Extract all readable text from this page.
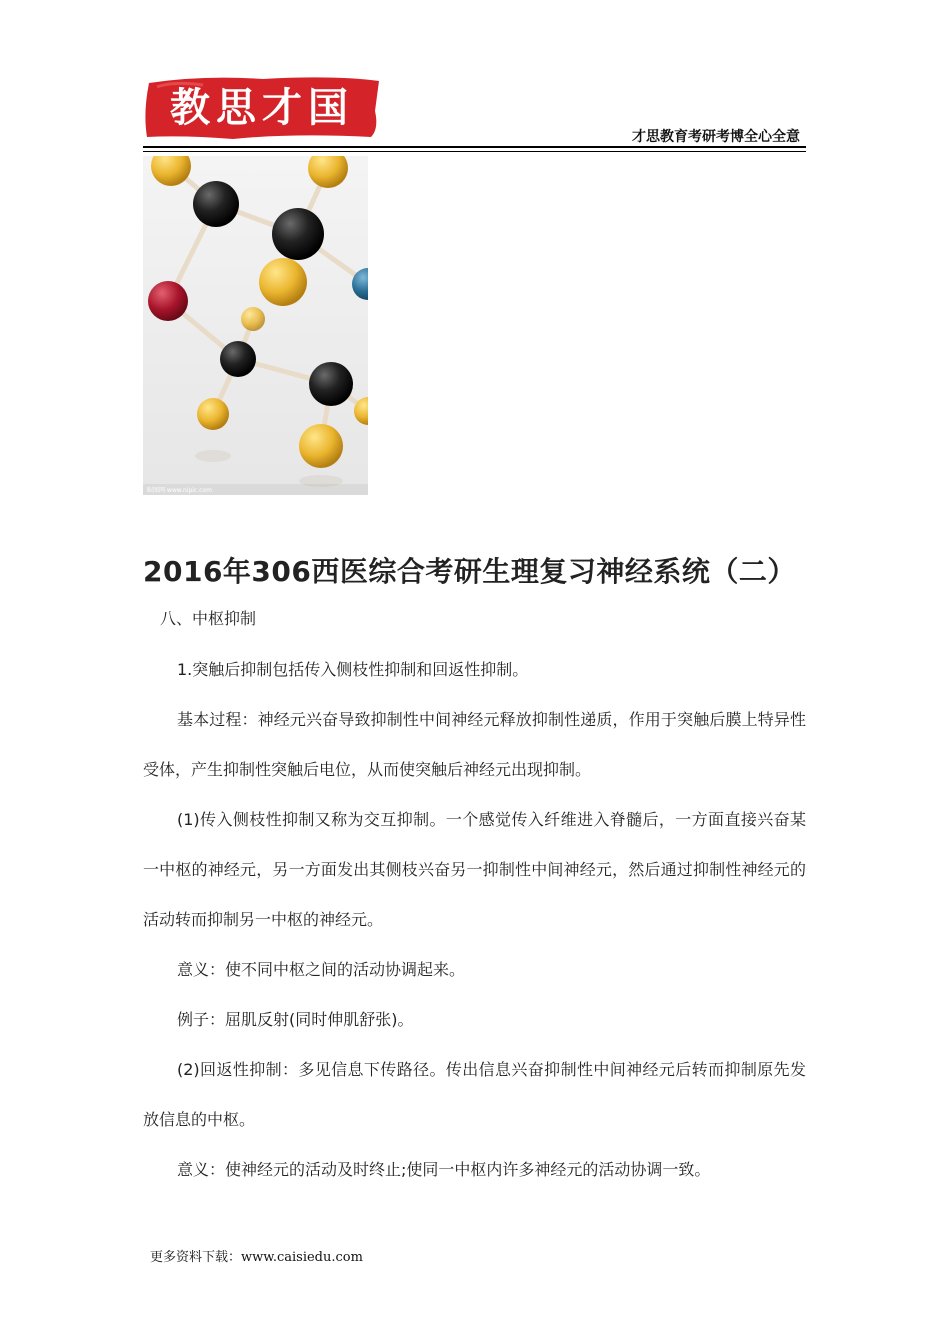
教思才国
才思教育考研考博全心全意
昵图网 www.nipic.com
2016年306西医综合考研生理复习神经系统（二）
八、中枢抑制

1.突触后抑制包括传入侧枝性抑制和回返性抑制。

基本过程：神经元兴奋导致抑制性中间神经元释放抑制性递质，作用于突触后膜上特异性受体，产生抑制性突触后电位，从而使突触后神经元出现抑制。

(1)传入侧枝性抑制又称为交互抑制。一个感觉传入纤维进入脊髓后，一方面直接兴奋某一中枢的神经元，另一方面发出其侧枝兴奋另一抑制性中间神经元，然后通过抑制性神经元的活动转而抑制另一中枢的神经元。

意义：使不同中枢之间的活动协调起来。

例子：屈肌反射(同时伸肌舒张)。

(2)回返性抑制：多见信息下传路径。传出信息兴奋抑制性中间神经元后转而抑制原先发放信息的中枢。

意义：使神经元的活动及时终止;使同一中枢内许多神经元的活动协调一致。

更多资料下载：www.caisiedu.com
